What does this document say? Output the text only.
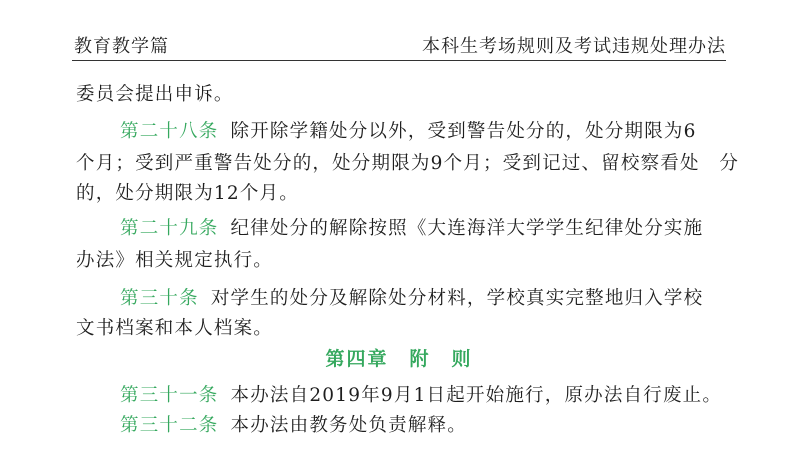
教育教学篇	本科生考场规则及考试违规处理办法
委员会提出申诉。
第二十八条 除开除学籍处分以外，受到警告处分的，处分期限为6
个月；受到严重警告处分的，处分期限为9个月；受到记过、留校察看处　分
的，处分期限为12个月。
第二十九条 纪律处分的解除按照《大连海洋大学学生纪律处分实施
办法》相关规定执行。
第三十条 对学生的处分及解除处分材料，学校真实完整地归入学校
文书档案和本人档案。
第四章　附　则
第三十一条 本办法自2019年9月1日起开始施行，原办法自行废止。
第三十二条 本办法由教务处负责解释。
